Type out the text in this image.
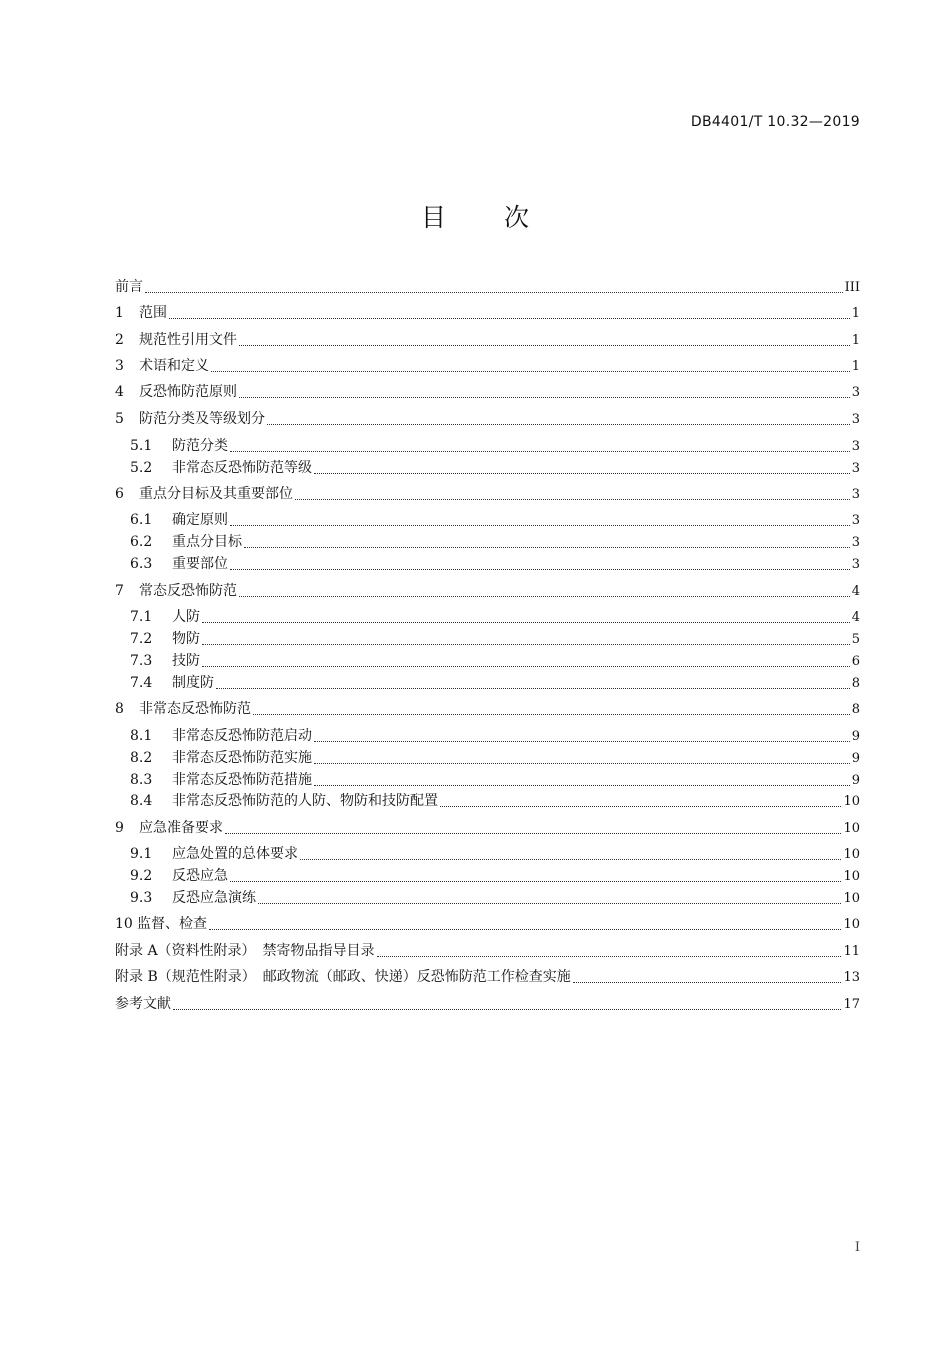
DB4401/T 10.32—2019
目 次
前言	III
1	范围	1
2	规范性引用文件	1
3	术语和定义	1
4	反恐怖防范原则	3
5	防范分类及等级划分	3
5.1	防范分类	3
5.2	非常态反恐怖防范等级	3
6	重点分目标及其重要部位	3
6.1	确定原则	3
6.2	重点分目标	3
6.3	重要部位	3
7	常态反恐怖防范	4
7.1	人防	4
7.2	物防	5
7.3	技防	6
7.4	制度防	8
8	非常态反恐怖防范	8
8.1	非常态反恐怖防范启动	9
8.2	非常态反恐怖防范实施	9
8.3	非常态反恐怖防范措施	9
8.4	非常态反恐怖防范的人防、物防和技防配置	10
9	应急准备要求	10
9.1	应急处置的总体要求	10
9.2	反恐应急	10
9.3	反恐应急演练	10
10 监督、检查	10
附录 A（资料性附录）　禁寄物品指导目录	11
附录 B（规范性附录）　邮政物流（邮政、快递）反恐怖防范工作检查实施	13
参考文献	17
I
